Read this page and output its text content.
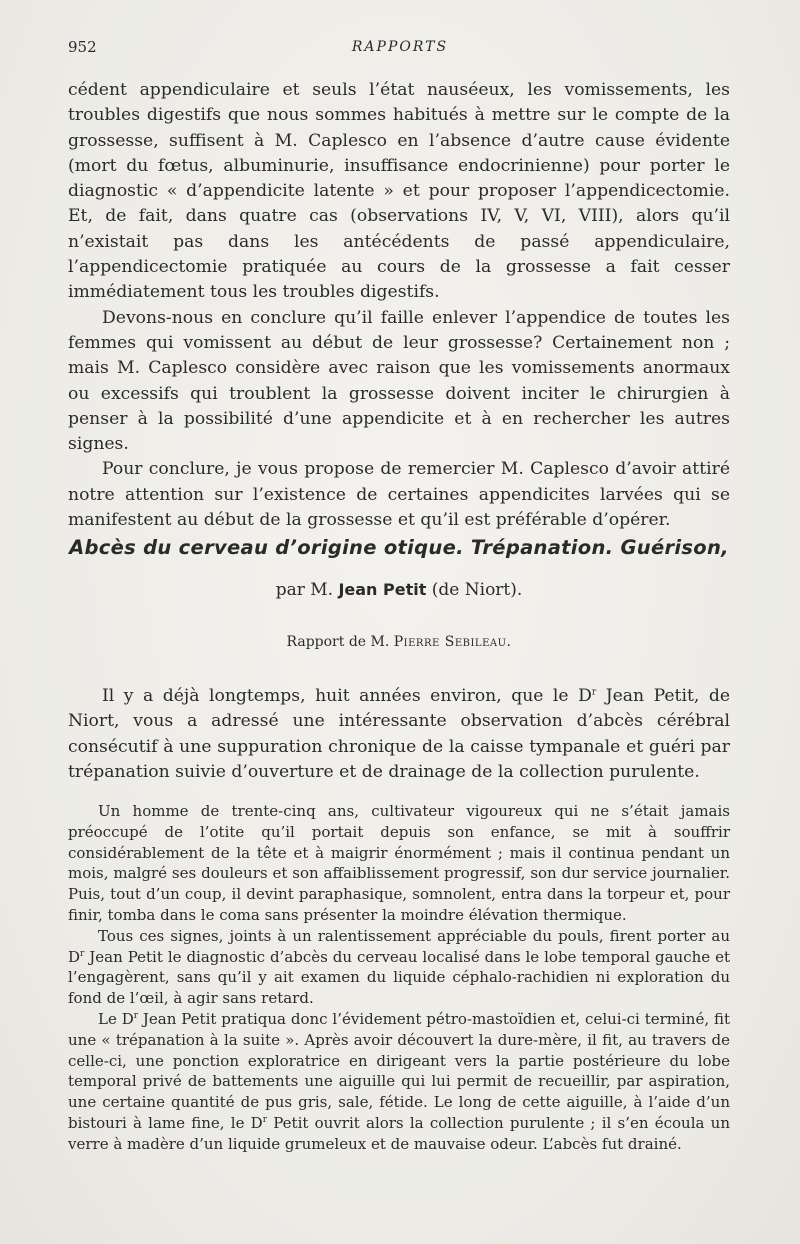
952	RAPPORTS

cédent appendiculaire et seuls l’état nauséeux, les vomissements, les troubles digestifs que nous sommes habitués à mettre sur le compte de la grossesse, suffisent à M. Caplesco en l’absence d’autre cause évidente (mort du fœtus, albuminurie, insuffisance endocrinienne) pour porter le diagnostic « d’appendicite latente » et pour proposer l’appendicectomie. Et, de fait, dans quatre cas (observations IV, V, VI, VIII), alors qu’il n’existait pas dans les antécédents de passé appendiculaire, l’appendicectomie pratiquée au cours de la grossesse a fait cesser immédiatement tous les troubles digestifs.

Devons-nous en conclure qu’il faille enlever l’appendice de toutes les femmes qui vomissent au début de leur grossesse? Certainement non ; mais M. Caplesco considère avec raison que les vomissements anormaux ou excessifs qui troublent la grossesse doivent inciter le chirurgien à penser à la possibilité d’une appendicite et à en rechercher les autres signes.

Pour conclure, je vous propose de remercier M. Caplesco d’avoir attiré notre attention sur l’existence de certaines appendicites larvées qui se manifestent au début de la grossesse et qu’il est préférable d’opérer.

Abcès du cerveau d’origine otique. Trépanation. Guérison,
par M. Jean Petit (de Niort).
Rapport de M. Pierre Sebileau.

Il y a déjà longtemps, huit années environ, que le $D^r$ Jean Petit, de Niort, vous a adressé une intéressante observation d’abcès cérébral consécutif à une suppuration chronique de la caisse tympanale et guéri par trépanation suivie d’ouverture et de drainage de la collection purulente.

Un homme de trente-cinq ans, cultivateur vigoureux qui ne s’était jamais préoccupé de l’otite qu’il portait depuis son enfance, se mit à souffrir considérablement de la tête et à maigrir énormément ; mais il continua pendant un mois, malgré ses douleurs et son affaiblissement progressif, son dur service journalier. Puis, tout d’un coup, il devint paraphasique, somnolent, entra dans la torpeur et, pour finir, tomba dans le coma sans présenter la moindre élévation thermique.

Tous ces signes, joints à un ralentissement appréciable du pouls, firent porter au $D^r$ Jean Petit le diagnostic d’abcès du cerveau localisé dans le lobe temporal gauche et l’engagèrent, sans qu’il y ait examen du liquide céphalo-rachidien ni exploration du fond de l’œil, à agir sans retard.

Le $D^r$ Jean Petit pratiqua donc l’évidement pétro-mastoïdien et, celui-ci terminé, fit une « trépanation à la suite ». Après avoir découvert la dure-mère, il fit, au travers de celle-ci, une ponction exploratrice en dirigeant vers la partie postérieure du lobe temporal privé de battements une aiguille qui lui permit de recueillir, par aspiration, une certaine quantité de pus gris, sale, fétide. Le long de cette aiguille, à l’aide d’un bistouri à lame fine, le $D^r$ Petit ouvrit alors la collection purulente ; il s’en écoula un verre à madère d’un liquide grumeleux et de mauvaise odeur. L’abcès fut drainé.
